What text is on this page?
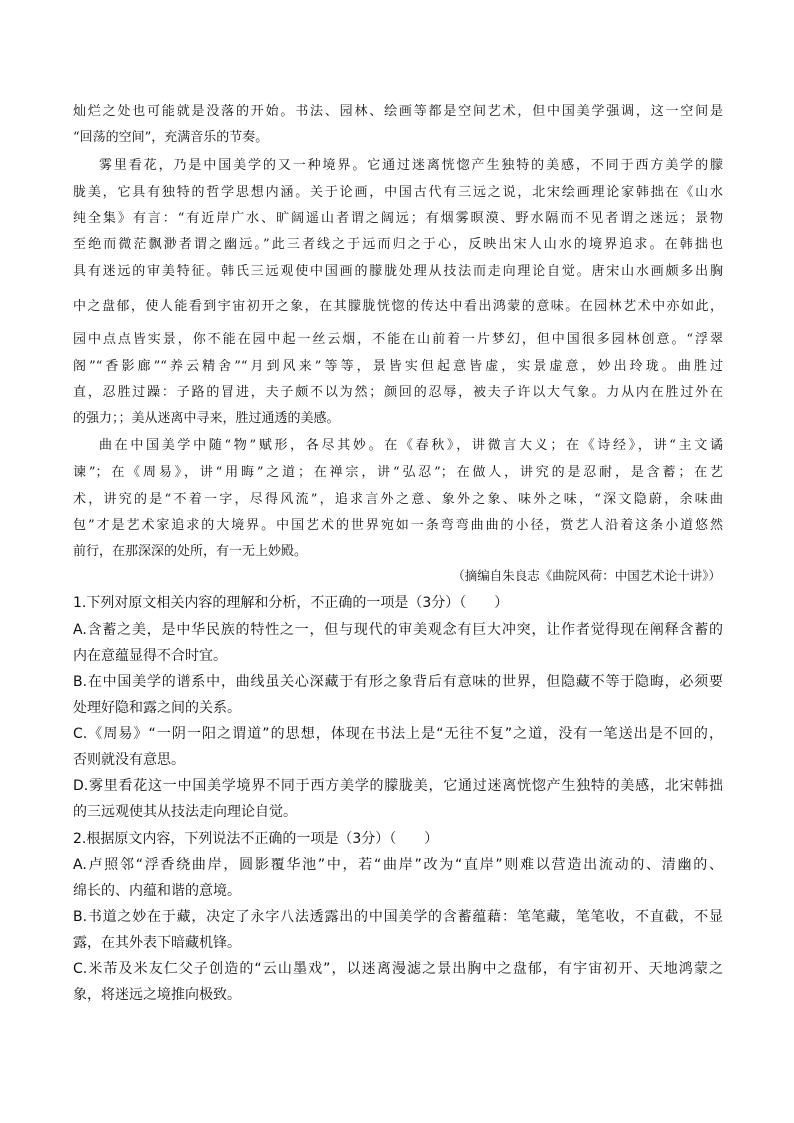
灿烂之处也可能就是没落的开始。书法、园林、绘画等都是空间艺术，但中国美学强调，这一空间是
“回荡的空间”，充满音乐的节奏。
雾里看花，乃是中国美学的又一种境界。它通过迷离恍惚产生独特的美感，不同于西方美学的朦
胧美，它具有独特的哲学思想内涵。关于论画，中国古代有三远之说，北宋绘画理论家韩拙在《山水
纯全集》有言：“有近岸广水、旷阔遥山者谓之阔远；有烟雾暝漠、野水隔而不见者谓之迷远；景物
至绝而微茫飘渺者谓之幽远。”此三者线之于远而归之于心，反映出宋人山水的境界追求。在韩拙也
具有迷远的审美特征。韩氏三远观使中国画的朦胧处理从技法而走向理论自觉。唐宋山水画颇多出胸
中之盘郁，使人能看到宇宙初开之象，在其朦胧恍惚的传达中看出鸿蒙的意味。在园林艺术中亦如此，
园中点点皆实景，你不能在园中起一丝云烟，不能在山前着一片梦幻，但中国很多园林创意。“浮翠
阁”“香影廊”“养云精舍”“月到风来”等等，景皆实但起意皆虚，实景虚意，妙出玲珑。曲胜过
直，忍胜过躁：子路的冒进，夫子颇不以为然；颜回的忍辱，被夫子许以大气象。力从内在胜过外在
的强力；；美从迷离中寻来，胜过通透的美感。
曲在中国美学中随“物”赋形，各尽其妙。在《春秋》，讲微言大义；在《诗经》，讲“主文谲
谏”；在《周易》，讲“用晦”之道；在禅宗，讲“弘忍”；在做人，讲究的是忍耐，是含蓄；在艺
术，讲究的是“不着一字，尽得风流”，追求言外之意、象外之象、味外之味，“深文隐蔚，余味曲
包”才是艺术家追求的大境界。中国艺术的世界宛如一条弯弯曲曲的小径，赏艺人沿着这条小道悠然
前行，在那深深的处所，有一无上妙殿。
（摘编自朱良志《曲院风荷：中国艺术论十讲》）
1.下列对原文相关内容的理解和分析，不正确的一项是（3分）（　　）
A.含蓄之美，是中华民族的特性之一，但与现代的审美观念有巨大冲突，让作者觉得现在阐释含蓄的
内在意蕴显得不合时宜。
B.在中国美学的谱系中，曲线虽关心深藏于有形之象背后有意味的世界，但隐藏不等于隐晦，必须要
处理好隐和露之间的关系。
C.《周易》“一阴一阳之谓道”的思想，体现在书法上是“无往不复”之道，没有一笔送出是不回的，
否则就没有意思。
D.雾里看花这一中国美学境界不同于西方美学的朦胧美，它通过迷离恍惚产生独特的美感，北宋韩拙
的三远观使其从技法走向理论自觉。
2.根据原文内容，下列说法不正确的一项是（3分）（　　）
A.卢照邻“浮香绕曲岸，圆影覆华池”中，若“曲岸”改为“直岸”则难以营造出流动的、清幽的、
绵长的、内蕴和谐的意境。
B.书道之妙在于藏，决定了永字八法透露出的中国美学的含蓄蕴藉：笔笔藏，笔笔收，不直截，不显
露，在其外表下暗藏机锋。
C.米芾及米友仁父子创造的“云山墨戏”，以迷离漫滤之景出胸中之盘郁，有宇宙初开、天地鸿蒙之
象，将迷远之境推向极致。
